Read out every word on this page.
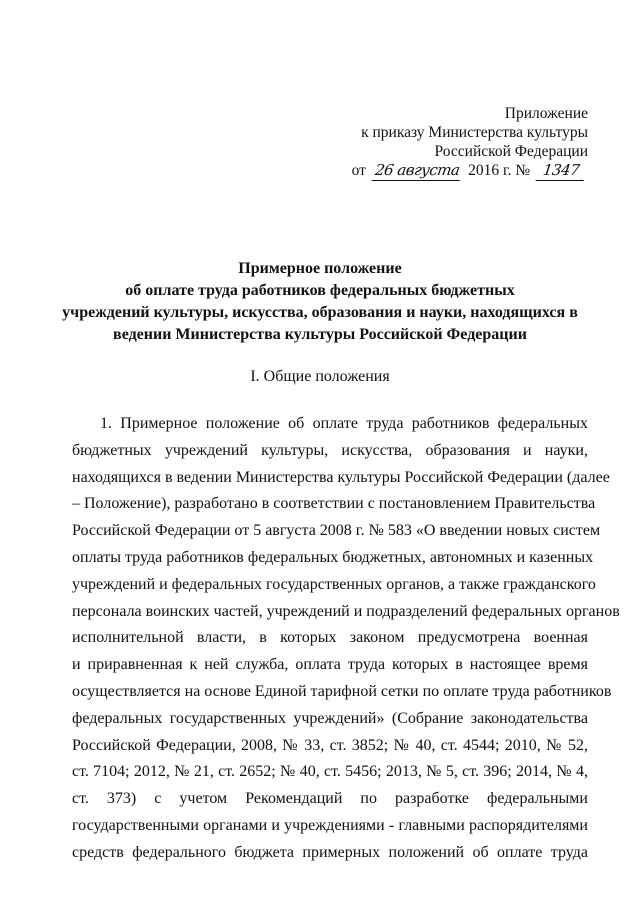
Приложение
к приказу Министерства культуры
Российской Федерации
от 26 августа 2016 г. № 1347
Примерное положение
об оплате труда работников федеральных бюджетных
учреждений культуры, искусства, образования и науки, находящихся в
ведении Министерства культуры Российской Федерации
I. Общие положения
1. Примерное положение об оплате труда работников федеральных
бюджетных учреждений культуры, искусства, образования и науки,
находящихся в ведении Министерства культуры Российской Федерации (далее
– Положение), разработано в соответствии с постановлением Правительства
Российской Федерации от 5 августа 2008 г. № 583 «О введении новых систем
оплаты труда работников федеральных бюджетных, автономных и казенных
учреждений и федеральных государственных органов, а также гражданского
персонала воинских частей, учреждений и подразделений федеральных органов
исполнительной власти, в которых законом предусмотрена военная
и приравненная к ней служба, оплата труда которых в настоящее время
осуществляется на основе Единой тарифной сетки по оплате труда работников
федеральных государственных учреждений» (Собрание законодательства
Российской Федерации, 2008, № 33, ст. 3852; № 40, ст. 4544; 2010, № 52,
ст. 7104; 2012, № 21, ст. 2652; № 40, ст. 5456; 2013, № 5, ст. 396; 2014, № 4,
ст. 373) с учетом Рекомендаций по разработке федеральными
государственными органами и учреждениями - главными распорядителями
средств федерального бюджета примерных положений об оплате труда
